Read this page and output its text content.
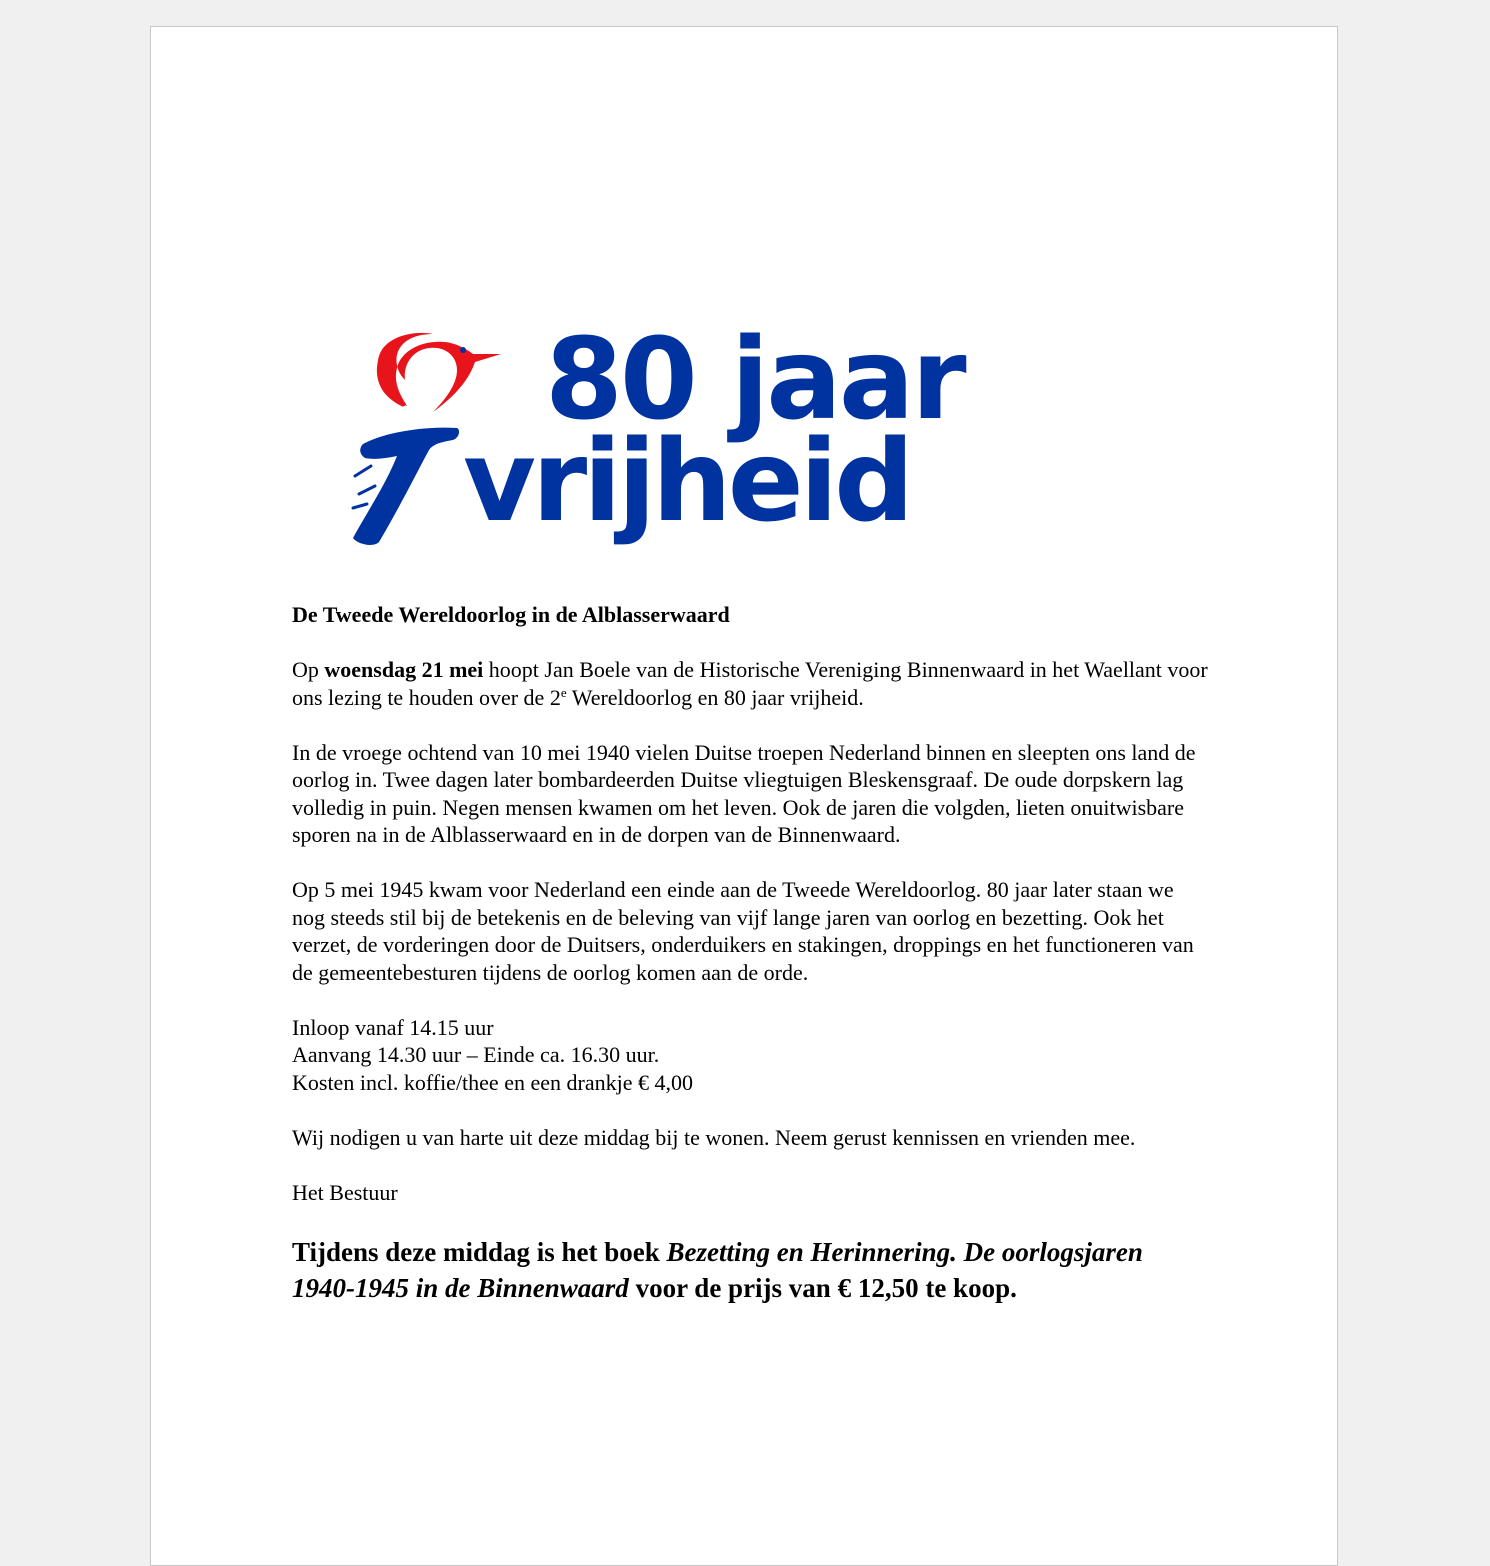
80 jaar
vrijheid

De Tweede Wereldoorlog in de Alblasserwaard

Op woensdag 21 mei hoopt Jan Boele van de Historische Vereniging Binnenwaard in het Waellant voor ons lezing te houden over de 2e Wereldoorlog en 80 jaar vrijheid.

In de vroege ochtend van 10 mei 1940 vielen Duitse troepen Nederland binnen en sleepten ons land de oorlog in. Twee dagen later bombardeerden Duitse vliegtuigen Bleskensgraaf. De oude dorpskern lag volledig in puin. Negen mensen kwamen om het leven. Ook de jaren die volgden, lieten onuitwisbare sporen na in de Alblasserwaard en in de dorpen van de Binnenwaard.

Op 5 mei 1945 kwam voor Nederland een einde aan de Tweede Wereldoorlog. 80 jaar later staan we nog steeds stil bij de betekenis en de beleving van vijf lange jaren van oorlog en bezetting. Ook het verzet, de vorderingen door de Duitsers, onderduikers en stakingen, droppings en het functioneren van de gemeentebesturen tijdens de oorlog komen aan de orde.

Inloop vanaf 14.15 uur
Aanvang 14.30 uur – Einde ca. 16.30 uur.
Kosten incl. koffie/thee en een drankje € 4,00

Wij nodigen u van harte uit deze middag bij te wonen. Neem gerust kennissen en vrienden mee.

Het Bestuur

Tijdens deze middag is het boek Bezetting en Herinnering. De oorlogsjaren 1940-1945 in de Binnenwaard voor de prijs van € 12,50 te koop.
